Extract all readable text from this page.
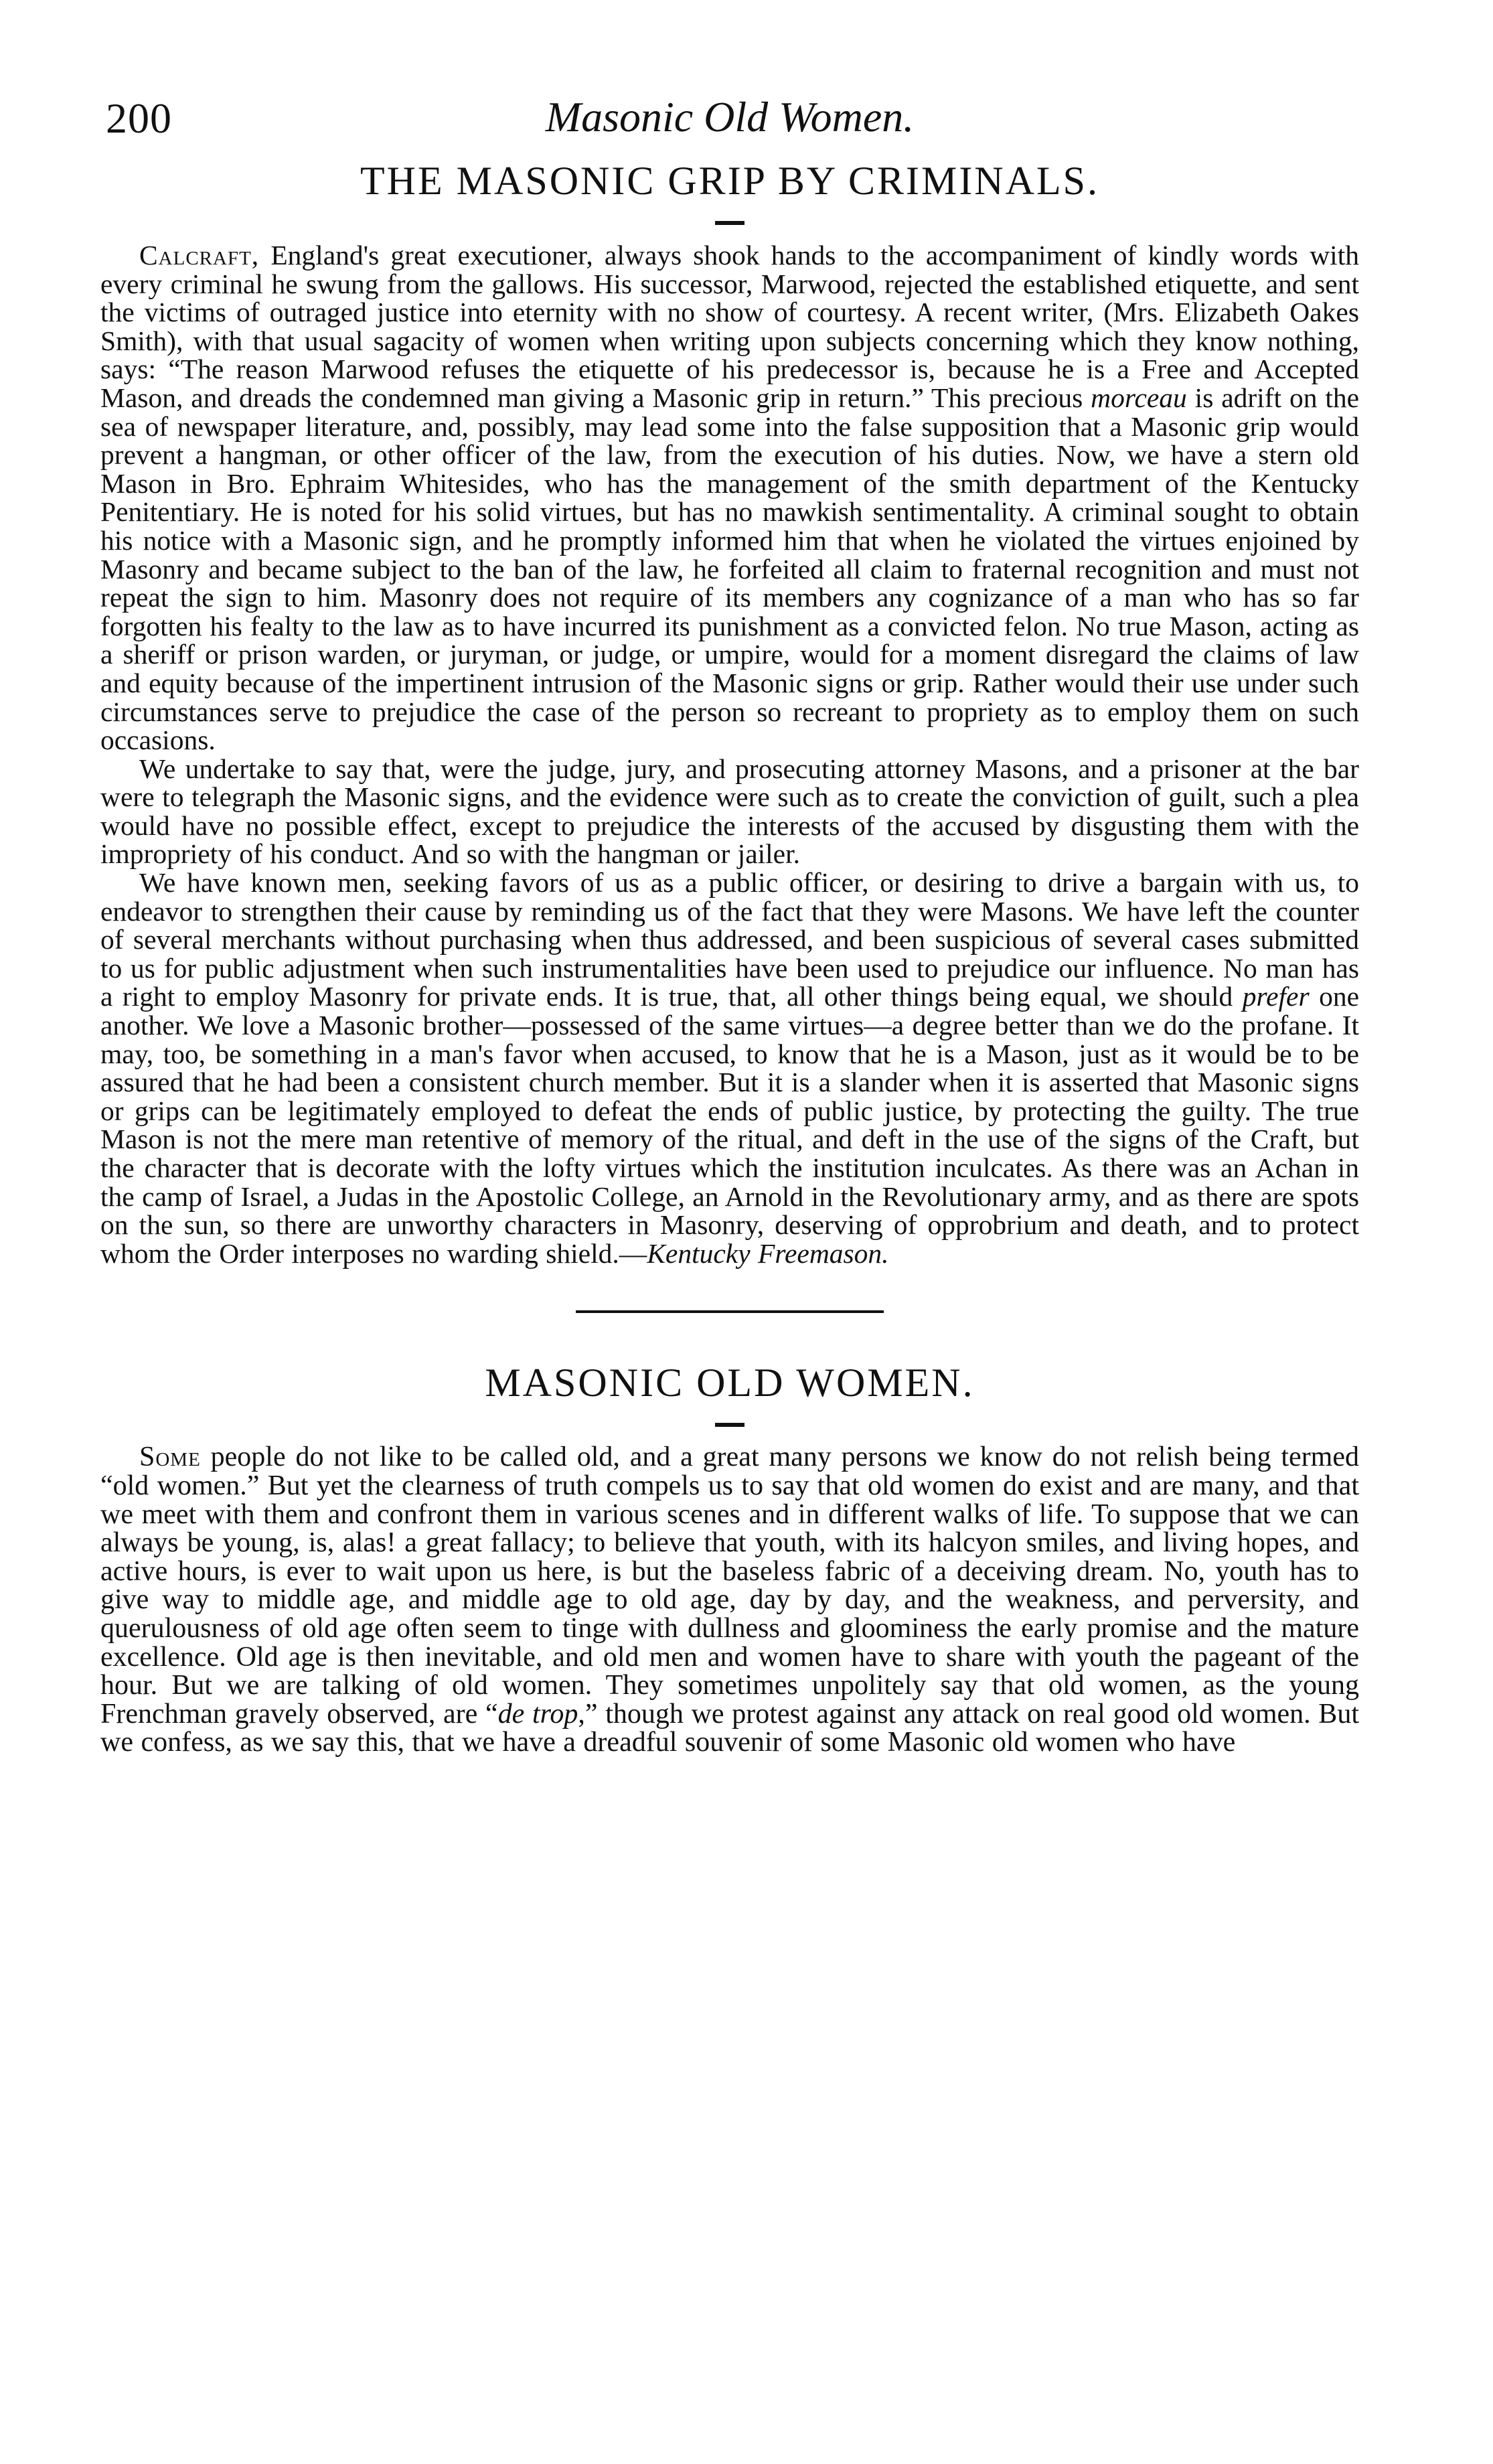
200	Masonic Old Women.
THE MASONIC GRIP BY CRIMINALS.

Calcraft, England's great executioner, always shook hands to the accompaniment of kindly words with every criminal he swung from the gallows. His successor, Marwood, rejected the established etiquette, and sent the victims of outraged justice into eternity with no show of courtesy. A recent writer, (Mrs. Elizabeth Oakes Smith), with that usual sagacity of women when writing upon subjects concerning which they know nothing, says: “The reason Marwood refuses the etiquette of his predecessor is, because he is a Free and Accepted Mason, and dreads the condemned man giving a Masonic grip in return.” This precious morceau is adrift on the sea of newspaper literature, and, possibly, may lead some into the false supposition that a Masonic grip would prevent a hangman, or other officer of the law, from the execution of his duties. Now, we have a stern old Mason in Bro. Ephraim Whitesides, who has the management of the smith department of the Kentucky Penitentiary. He is noted for his solid virtues, but has no mawkish sentimentality. A criminal sought to obtain his notice with a Masonic sign, and he promptly informed him that when he violated the virtues enjoined by Masonry and became subject to the ban of the law, he forfeited all claim to fraternal recognition and must not repeat the sign to him. Masonry does not require of its members any cognizance of a man who has so far forgotten his fealty to the law as to have incurred its punishment as a convicted felon. No true Mason, acting as a sheriff or prison warden, or juryman, or judge, or umpire, would for a moment disregard the claims of law and equity because of the impertinent intrusion of the Masonic signs or grip. Rather would their use under such circumstances serve to prejudice the case of the person so recreant to propriety as to employ them on such occasions.

We undertake to say that, were the judge, jury, and prosecuting attorney Masons, and a prisoner at the bar were to telegraph the Masonic signs, and the evidence were such as to create the conviction of guilt, such a plea would have no possible effect, except to prejudice the interests of the accused by disgusting them with the impropriety of his conduct. And so with the hangman or jailer.

We have known men, seeking favors of us as a public officer, or desiring to drive a bargain with us, to endeavor to strengthen their cause by reminding us of the fact that they were Masons. We have left the counter of several merchants without purchasing when thus addressed, and been suspicious of several cases submitted to us for public adjustment when such instrumentalities have been used to prejudice our influence. No man has a right to employ Masonry for private ends. It is true, that, all other things being equal, we should prefer one another. We love a Masonic brother—possessed of the same virtues—a degree better than we do the profane. It may, too, be something in a man's favor when accused, to know that he is a Mason, just as it would be to be assured that he had been a consistent church member. But it is a slander when it is asserted that Masonic signs or grips can be legitimately employed to defeat the ends of public justice, by protecting the guilty. The true Mason is not the mere man retentive of memory of the ritual, and deft in the use of the signs of the Craft, but the character that is decorate with the lofty virtues which the institution inculcates. As there was an Achan in the camp of Israel, a Judas in the Apostolic College, an Arnold in the Revolutionary army, and as there are spots on the sun, so there are unworthy characters in Masonry, deserving of opprobrium and death, and to protect whom the Order interposes no warding shield.—Kentucky Freemason.

MASONIC OLD WOMEN.

Some people do not like to be called old, and a great many persons we know do not relish being termed “old women.” But yet the clearness of truth compels us to say that old women do exist and are many, and that we meet with them and confront them in various scenes and in different walks of life. To suppose that we can always be young, is, alas! a great fallacy; to believe that youth, with its halcyon smiles, and living hopes, and active hours, is ever to wait upon us here, is but the baseless fabric of a deceiving dream. No, youth has to give way to middle age, and middle age to old age, day by day, and the weakness, and perversity, and querulousness of old age often seem to tinge with dullness and gloominess the early promise and the mature excellence. Old age is then inevitable, and old men and women have to share with youth the pageant of the hour. But we are talking of old women. They sometimes unpolitely say that old women, as the young Frenchman gravely observed, are “de trop,” though we protest against any attack on real good old women. But we confess, as we say this, that we have a dreadful souvenir of some Masonic old women who have
